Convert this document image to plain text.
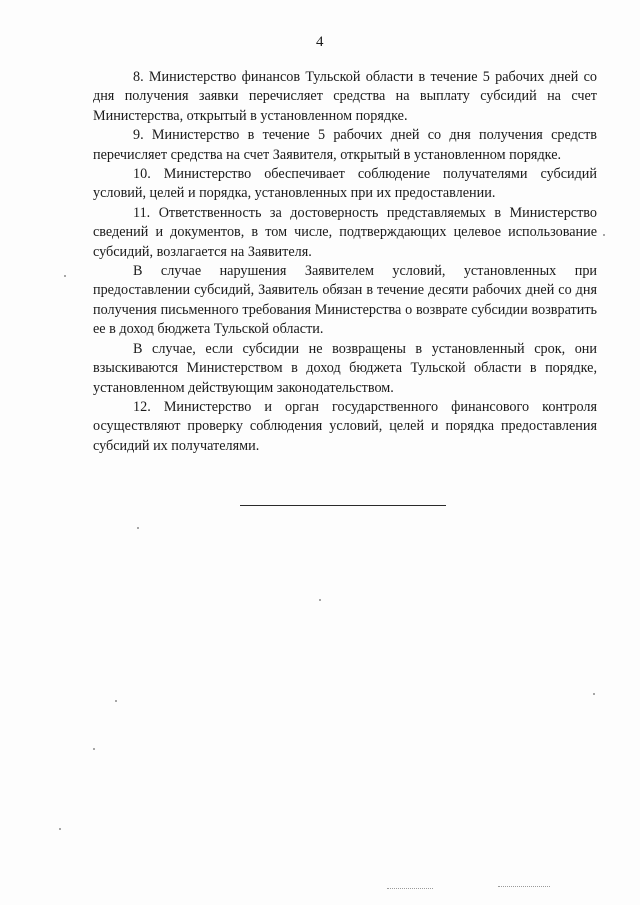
4

8. Министерство финансов Тульской области в течение 5 рабочих дней со дня получения заявки перечисляет средства на выплату субсидий на счет Министерства, открытый в установленном порядке.

9. Министерство в течение 5 рабочих дней со дня получения средств перечисляет средства на счет Заявителя, открытый в установленном порядке.

10. Министерство обеспечивает соблюдение получателями субсидий условий, целей и порядка, установленных при их предоставлении.

11. Ответственность за достоверность представляемых в Министерство сведений и документов, в том числе, подтверждающих целевое использование субсидий, возлагается на Заявителя.

В случае нарушения Заявителем условий, установленных при предоставлении субсидий, Заявитель обязан в течение десяти рабочих дней со дня получения письменного требования Министерства о возврате субсидии возвратить ее в доход бюджета Тульской области.

В случае, если субсидии не возвращены в установленный срок, они взыскиваются Министерством в доход бюджета Тульской области в порядке, установленном действующим законодательством.

12. Министерство и орган государственного финансового контроля осуществляют проверку соблюдения условий, целей и порядка предоставления субсидий их получателями.
